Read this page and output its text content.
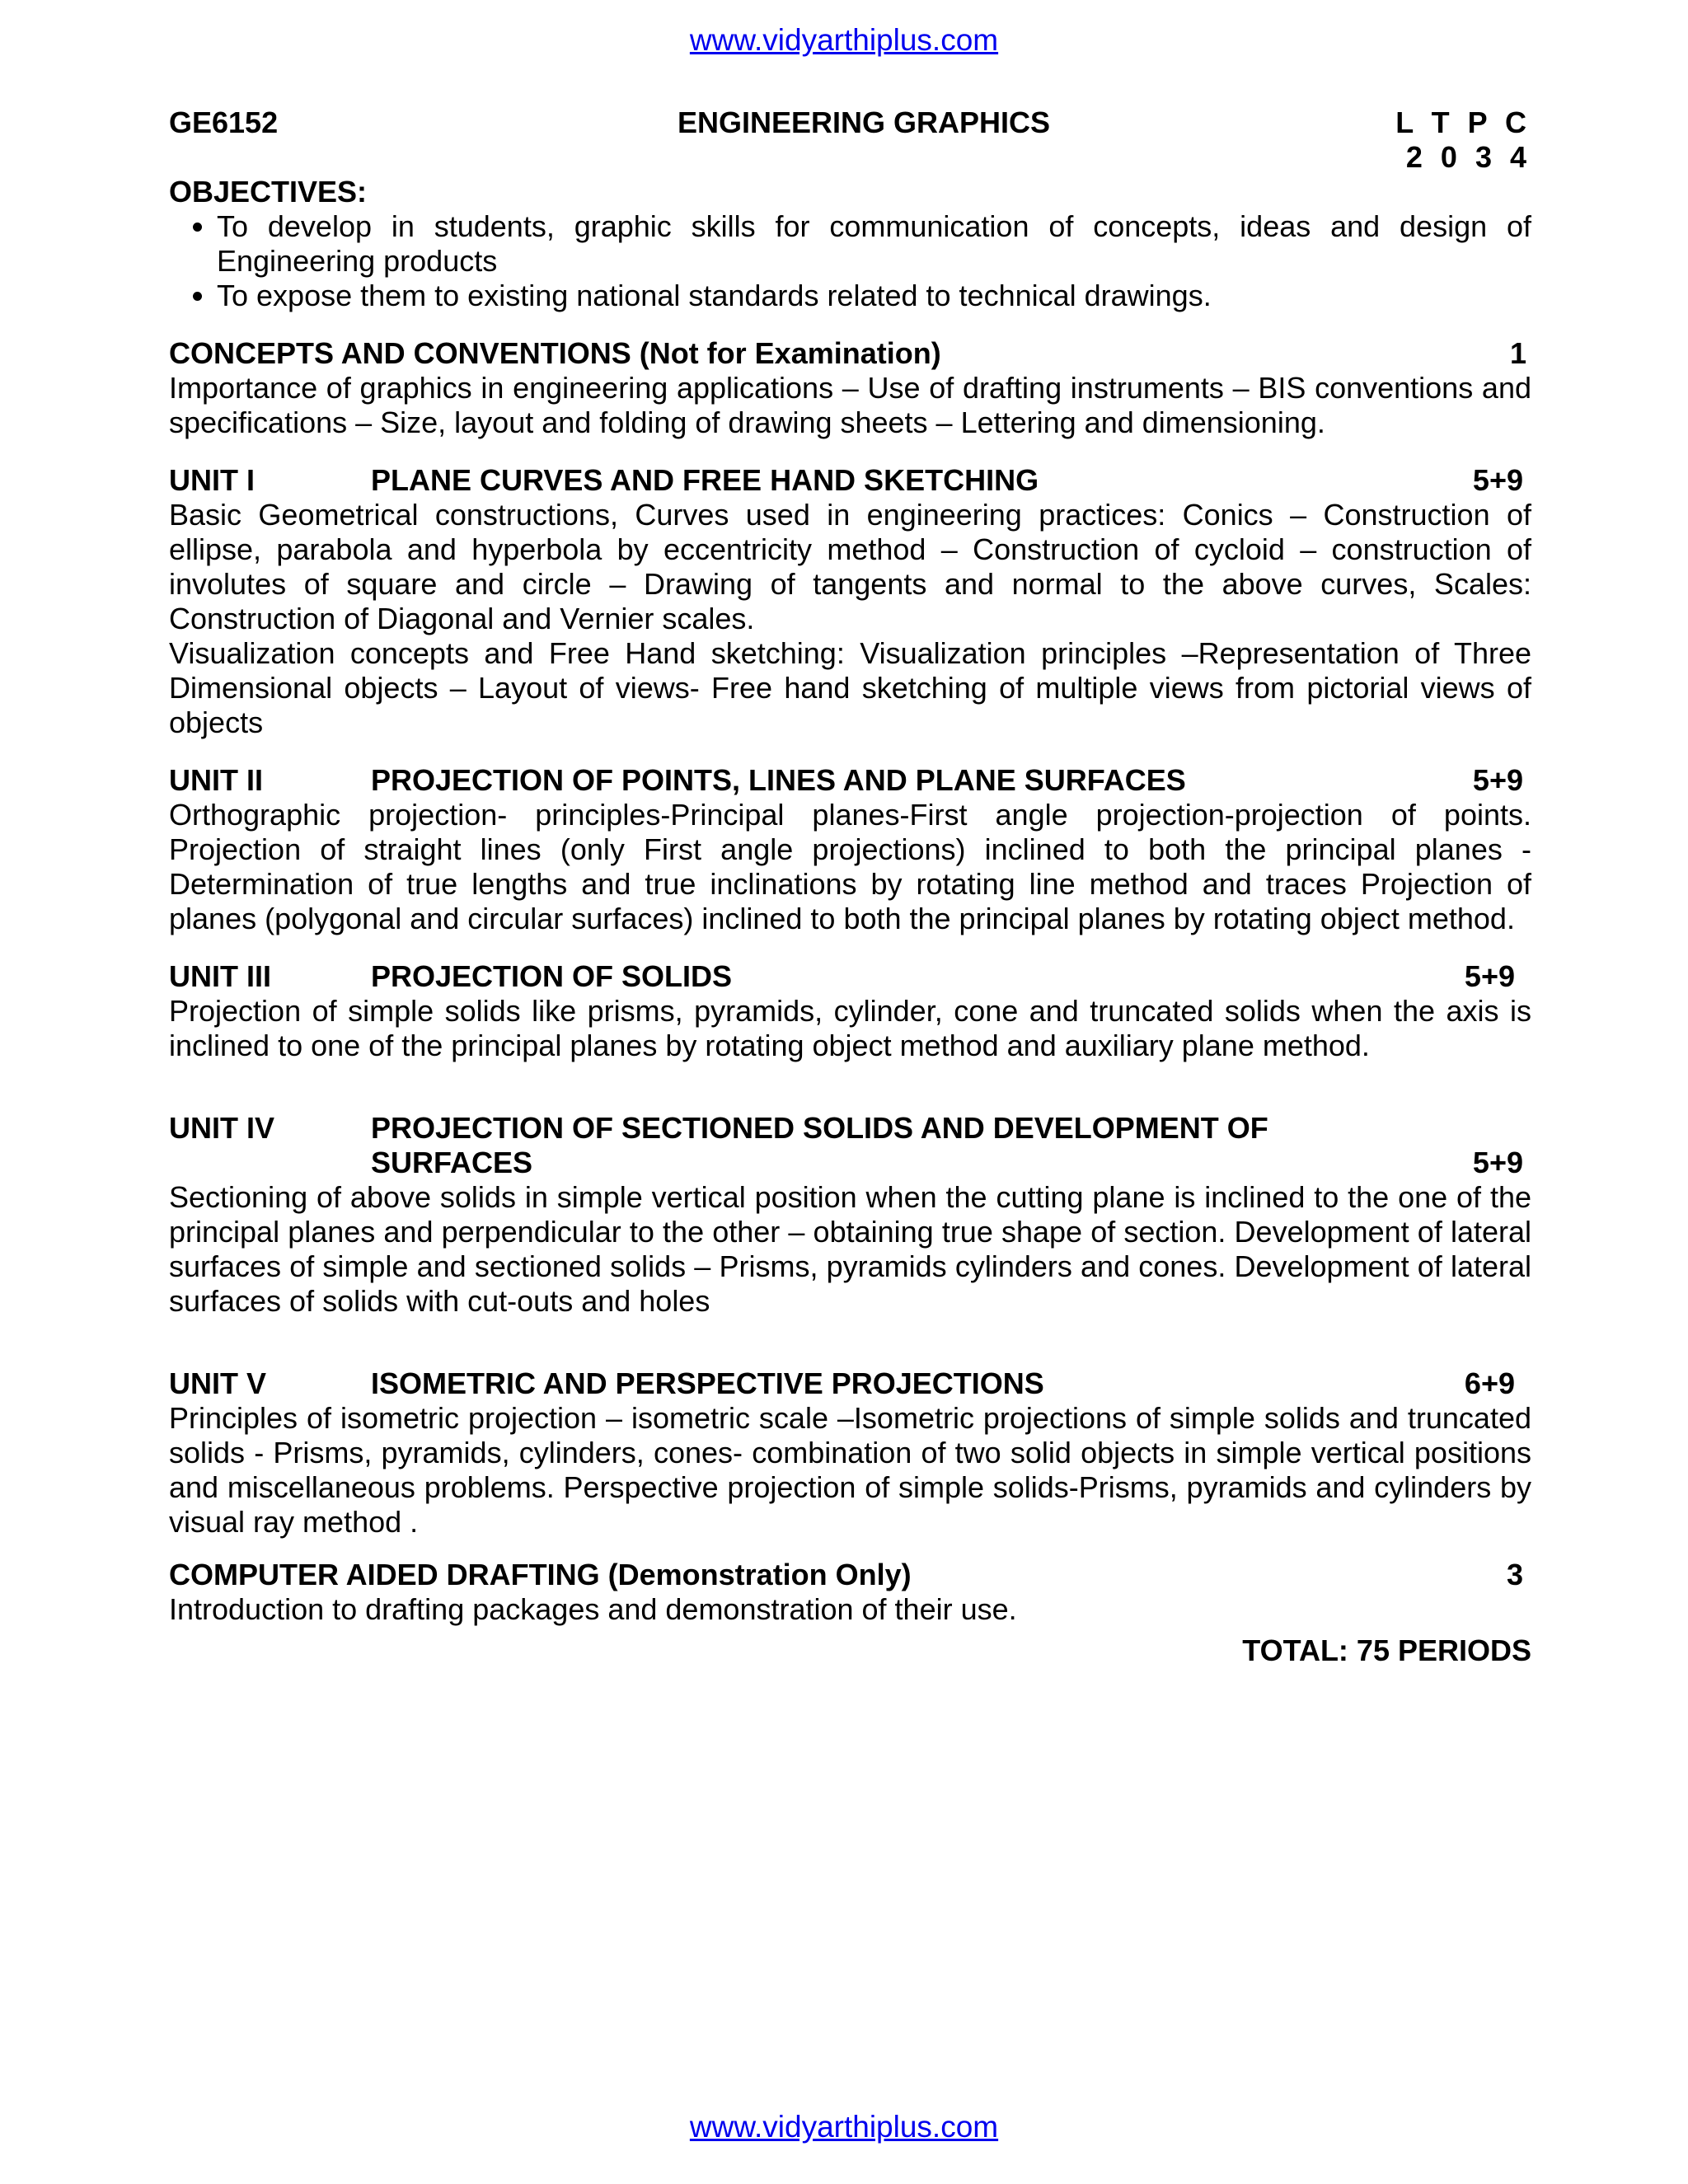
www.vidyarthiplus.com
GE6152	ENGINEERING GRAPHICS	L T P C
2 0 3 4
OBJECTIVES:
• To develop in students, graphic skills for communication of concepts, ideas and design of Engineering products
• To expose them to existing national standards related to technical drawings.
CONCEPTS AND CONVENTIONS (Not for Examination)	1

Importance of graphics in engineering applications – Use of drafting instruments – BIS conventions and specifications – Size, layout and folding of drawing sheets – Lettering and dimensioning.

UNIT I	PLANE CURVES AND FREE HAND SKETCHING	5+9

Basic Geometrical constructions, Curves used in engineering practices: Conics – Construction of ellipse, parabola and hyperbola by eccentricity method – Construction of cycloid – construction of involutes of square and circle – Drawing of tangents and normal to the above curves, Scales: Construction of Diagonal and Vernier scales.

Visualization concepts and Free Hand sketching: Visualization principles –Representation of Three Dimensional objects – Layout of views- Free hand sketching of multiple views from pictorial views of objects

UNIT II	PROJECTION OF POINTS, LINES AND PLANE SURFACES	5+9

Orthographic projection- principles-Principal planes-First angle projection-projection of points. Projection of straight lines (only First angle projections) inclined to both the principal planes - Determination of true lengths and true inclinations by rotating line method and traces Projection of planes (polygonal and circular surfaces) inclined to both the principal planes by rotating object method.

UNIT III	PROJECTION OF SOLIDS	5+9

Projection of simple solids like prisms, pyramids, cylinder, cone and truncated solids when the axis is inclined to one of the principal planes by rotating object method and auxiliary plane method.

UNIT IV	PROJECTION OF SECTIONED SOLIDS AND DEVELOPMENT OF
SURFACES	5+9

Sectioning of above solids in simple vertical position when the cutting plane is inclined to the one of the principal planes and perpendicular to the other – obtaining true shape of section. Development of lateral surfaces of simple and sectioned solids – Prisms, pyramids cylinders and cones. Development of lateral surfaces of solids with cut-outs and holes

UNIT V	ISOMETRIC AND PERSPECTIVE PROJECTIONS	6+9

Principles of isometric projection – isometric scale –Isometric projections of simple solids and truncated solids - Prisms, pyramids, cylinders, cones- combination of two solid objects in simple vertical positions and miscellaneous problems. Perspective projection of simple solids-Prisms, pyramids and cylinders by visual ray method .

COMPUTER AIDED DRAFTING (Demonstration Only)	3

Introduction to drafting packages and demonstration of their use.

TOTAL: 75 PERIODS
www.vidyarthiplus.com
